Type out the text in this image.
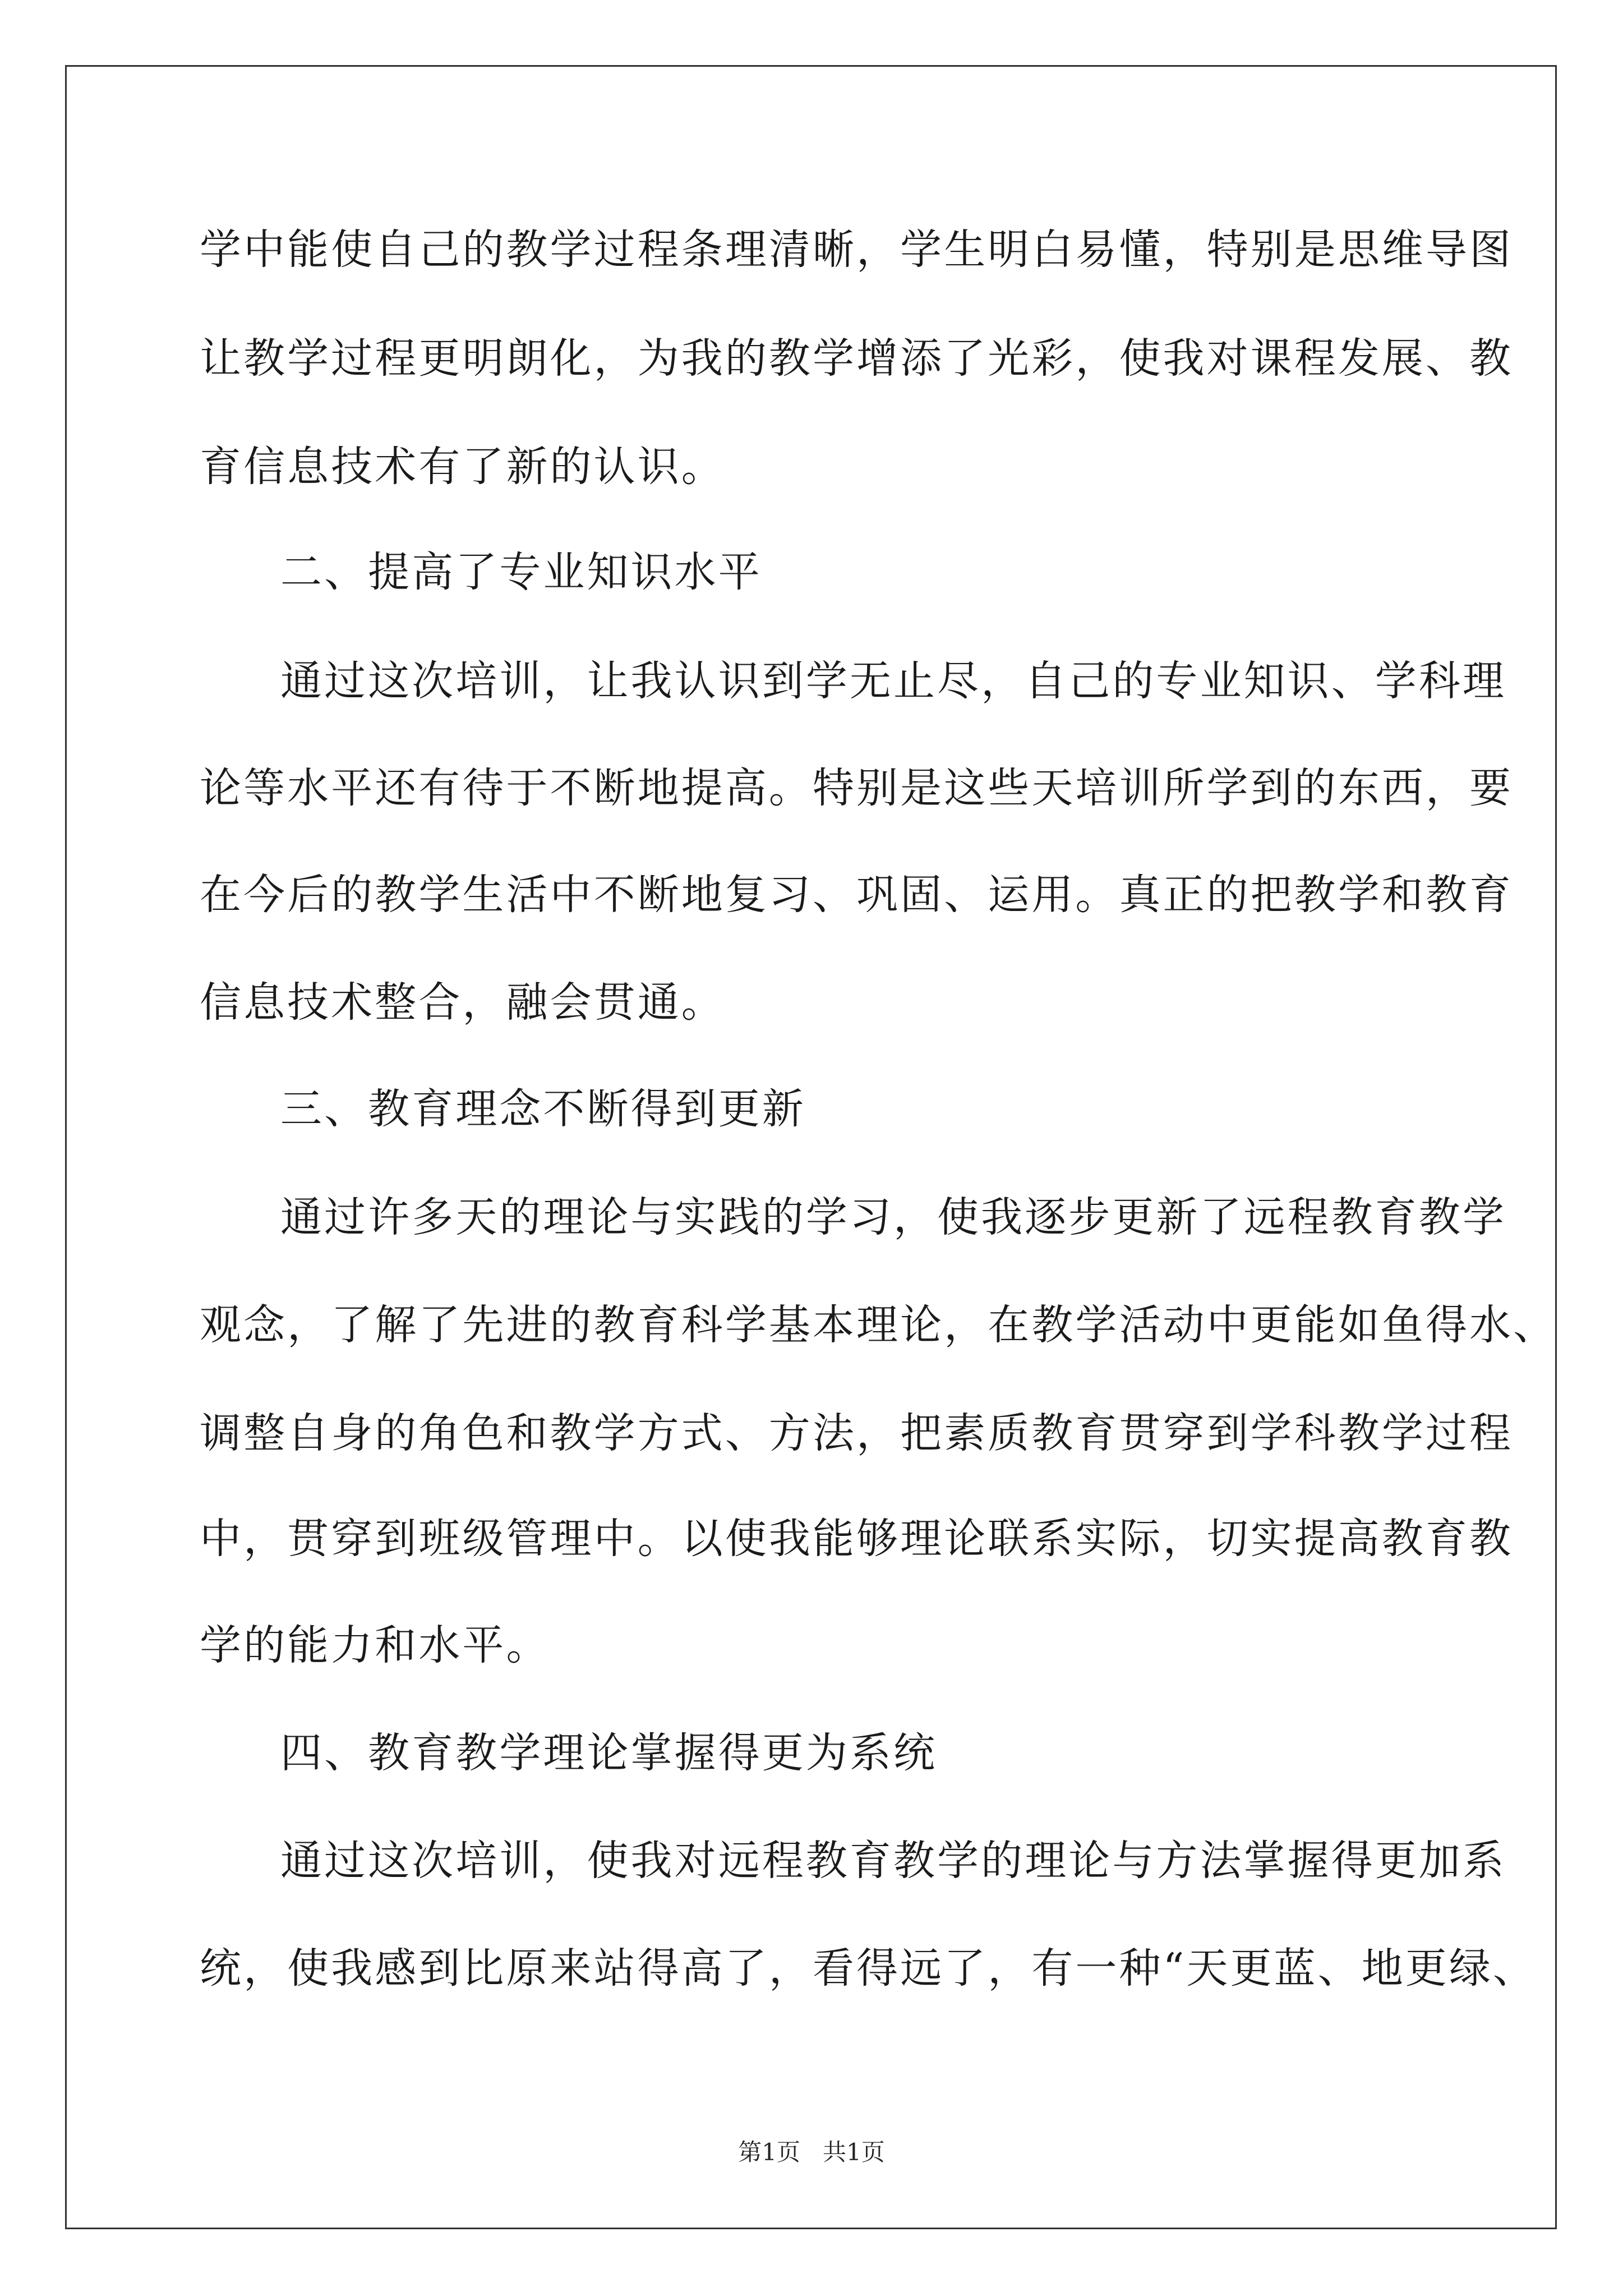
学中能使自己的教学过程条理清晰，学生明白易懂，特别是思维导图
让教学过程更明朗化，为我的教学增添了光彩，使我对课程发展、教
育信息技术有了新的认识。
二、提高了专业知识水平
通过这次培训，让我认识到学无止尽，自己的专业知识、学科理
论等水平还有待于不断地提高。特别是这些天培训所学到的东西，要
在今后的教学生活中不断地复习、巩固、运用。真正的把教学和教育
信息技术整合，融会贯通。
三、教育理念不断得到更新
通过许多天的理论与实践的学习，使我逐步更新了远程教育教学
观念，了解了先进的教育科学基本理论，在教学活动中更能如鱼得水、
调整自身的角色和教学方式、方法，把素质教育贯穿到学科教学过程
中，贯穿到班级管理中。以使我能够理论联系实际，切实提高教育教
学的能力和水平。
四、教育教学理论掌握得更为系统
通过这次培训，使我对远程教育教学的理论与方法掌握得更加系
统，使我感到比原来站得高了，看得远了，有一种“天更蓝、地更绿、
第1页   共1页
